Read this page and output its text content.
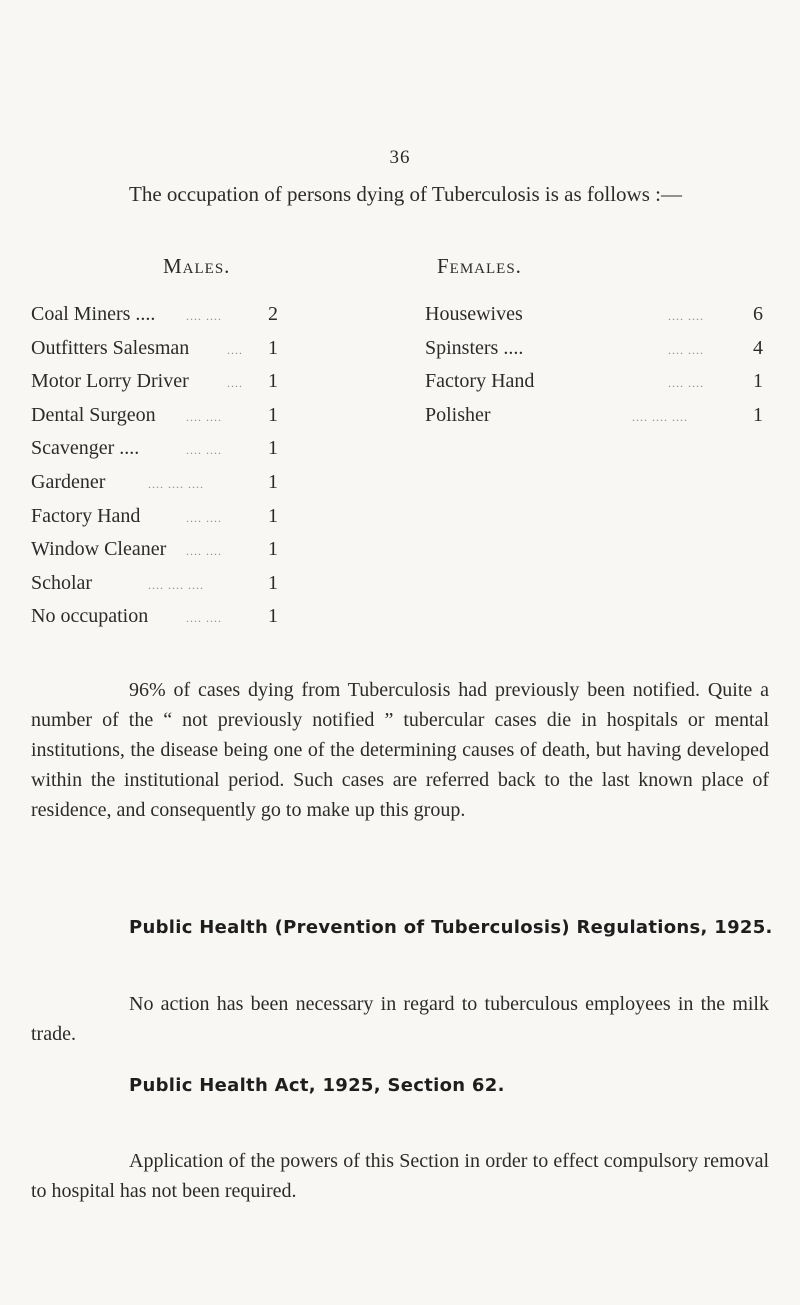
36
The occupation of persons dying of Tuberculosis is as follows :—
Males.	Females.
Coal Miners ....	.... ....	2
Outfitters Salesman	....	1
Motor Lorry Driver	....	1
Dental Surgeon	.... ....	1
Scavenger ....	.... ....	1
Gardener	.... .... ....	1
Factory Hand	.... ....	1
Window Cleaner .... ....	1
Scholar	.... .... ....	1
No occupation	.... ....	1
Housewives	.... ....	6
Spinsters ....	.... ....	4
Factory Hand	.... ....	1
Polisher	.... .... ....	1

96% of cases dying from Tuberculosis had previously been notified. Quite a number of the “ not previously notified ” tubercular cases die in hospitals or mental institutions, the disease being one of the determining causes of death, but having developed within the institutional period. Such cases are referred back to the last known place of residence, and consequently go to make up this group.

Public Health (Prevention of Tuberculosis) Regulations, 1925.

No action has been necessary in regard to tuberculous employees in the milk trade.

Public Health Act, 1925, Section 62.

Application of the powers of this Section in order to effect compulsory removal to hospital has not been required.
